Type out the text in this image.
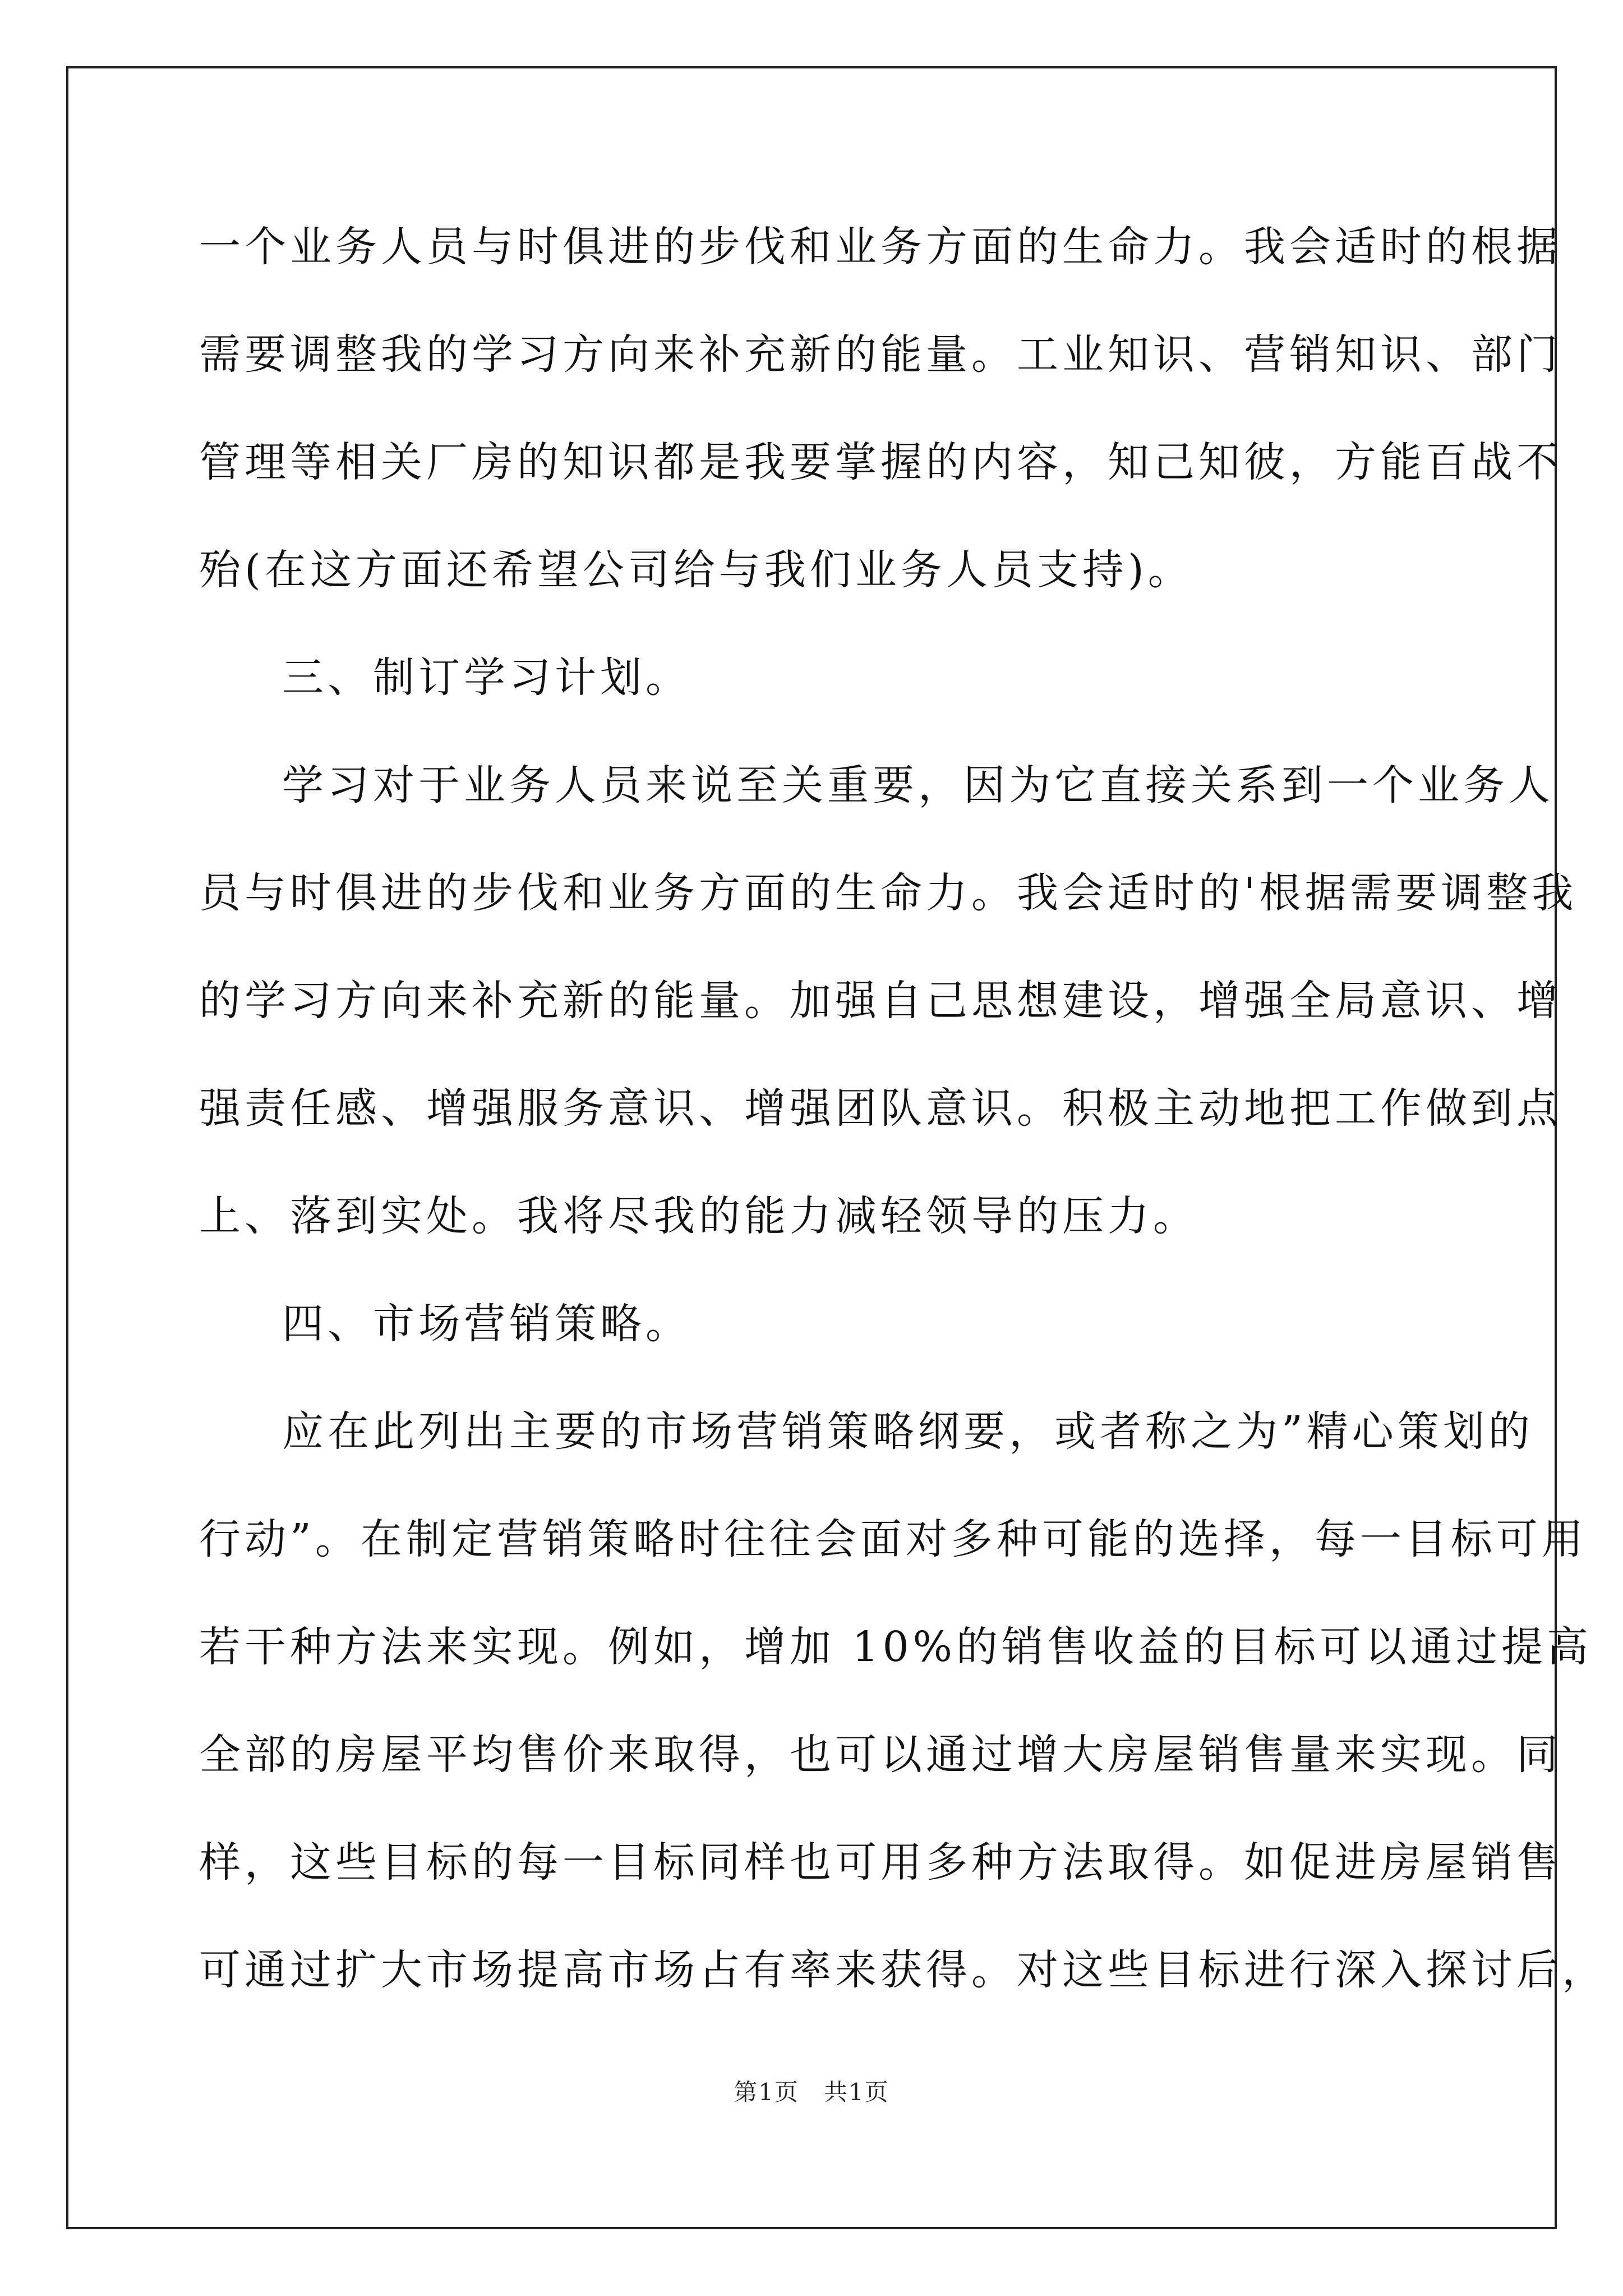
一个业务人员与时俱进的步伐和业务方面的生命力。我会适时的根据
需要调整我的学习方向来补充新的能量。工业知识、营销知识、部门
管理等相关厂房的知识都是我要掌握的内容，知己知彼，方能百战不
殆(在这方面还希望公司给与我们业务人员支持)。
三、制订学习计划。
学习对于业务人员来说至关重要，因为它直接关系到一个业务人
员与时俱进的步伐和业务方面的生命力。我会适时的'根据需要调整我
的学习方向来补充新的能量。加强自己思想建设，增强全局意识、增
强责任感、增强服务意识、增强团队意识。积极主动地把工作做到点
上、落到实处。我将尽我的能力减轻领导的压力。
四、市场营销策略。
应在此列出主要的市场营销策略纲要，或者称之为”精心策划的
行动”。在制定营销策略时往往会面对多种可能的选择，每一目标可用
若干种方法来实现。例如，增加 10%的销售收益的目标可以通过提高
全部的房屋平均售价来取得，也可以通过增大房屋销售量来实现。同
样，这些目标的每一目标同样也可用多种方法取得。如促进房屋销售
可通过扩大市场提高市场占有率来获得。对这些目标进行深入探讨后，
第1页　共1页
